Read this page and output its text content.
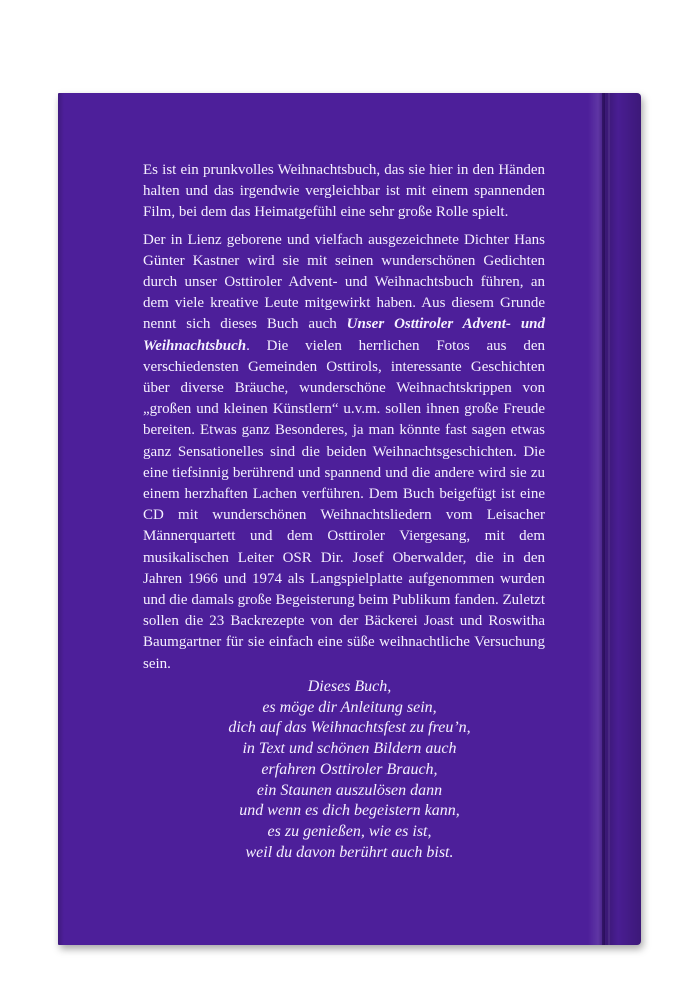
Es ist ein prunkvolles Weihnachtsbuch, das sie hier in den Händen halten und das irgendwie vergleichbar ist mit einem spannenden Film, bei dem das Heimatgefühl eine sehr große Rolle spielt.

Der in Lienz geborene und vielfach ausgezeichnete Dichter Hans Günter Kastner wird sie mit seinen wunderschönen Gedichten durch unser Osttiroler Advent- und Weihnachtsbuch führen, an dem viele kreative Leute mitgewirkt haben. Aus diesem Grunde nennt sich dieses Buch auch Unser Osttiroler Advent- und Weihnachtsbuch. Die vielen herrlichen Fotos aus den verschiedensten Gemeinden Osttirols, interessante Geschichten über diverse Bräuche, wunderschöne Weihnachtskrippen von „großen und kleinen Künstlern“ u.v.m. sollen ihnen große Freude bereiten. Etwas ganz Besonderes, ja man könnte fast sagen etwas ganz Sensationelles sind die beiden Weihnachtsgeschichten. Die eine tiefsinnig berührend und spannend und die andere wird sie zu einem herzhaften Lachen verführen. Dem Buch beigefügt ist eine CD mit wunderschönen Weihnachtsliedern vom Leisacher Männerquartett und dem Osttiroler Viergesang, mit dem musikalischen Leiter OSR Dir. Josef Oberwalder, die in den Jahren 1966 und 1974 als Langspielplatte aufgenommen wurden und die damals große Begeisterung beim Publikum fanden. Zuletzt sollen die 23 Backrezepte von der Bäckerei Joast und Roswitha Baumgartner für sie einfach eine süße weihnachtliche Versuchung sein.

Dieses Buch,
es möge dir Anleitung sein,
dich auf das Weihnachtsfest zu freu’n,
in Text und schönen Bildern auch
erfahren Osttiroler Brauch,
ein Staunen auszulösen dann
und wenn es dich begeistern kann,
es zu genießen, wie es ist,
weil du davon berührt auch bist.
